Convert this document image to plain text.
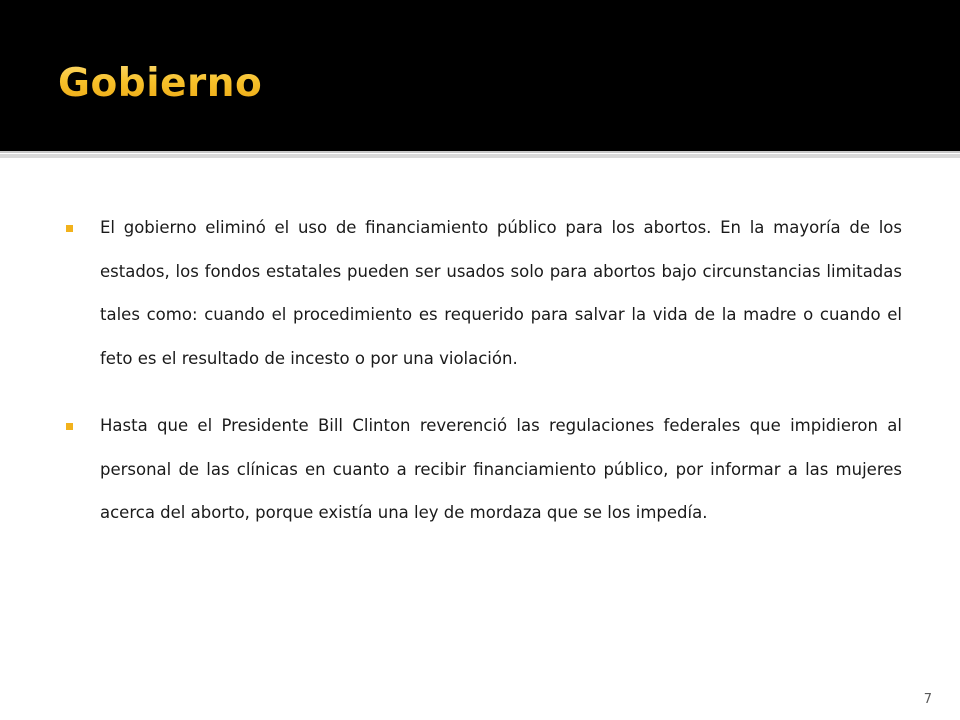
Gobierno

El gobierno eliminó el uso de financiamiento público para los abortos. En la mayoría de los estados, los fondos estatales pueden ser usados solo para abortos bajo circunstancias limitadas tales como: cuando el procedimiento es requerido para salvar la vida de la madre o cuando el feto es el resultado de incesto o por una violación.

Hasta que el Presidente Bill Clinton reverenció las regulaciones federales que impidieron al personal de las clínicas en cuanto a recibir financiamiento público, por informar a las mujeres acerca del aborto, porque existía una ley de mordaza que se los impedía.

7
